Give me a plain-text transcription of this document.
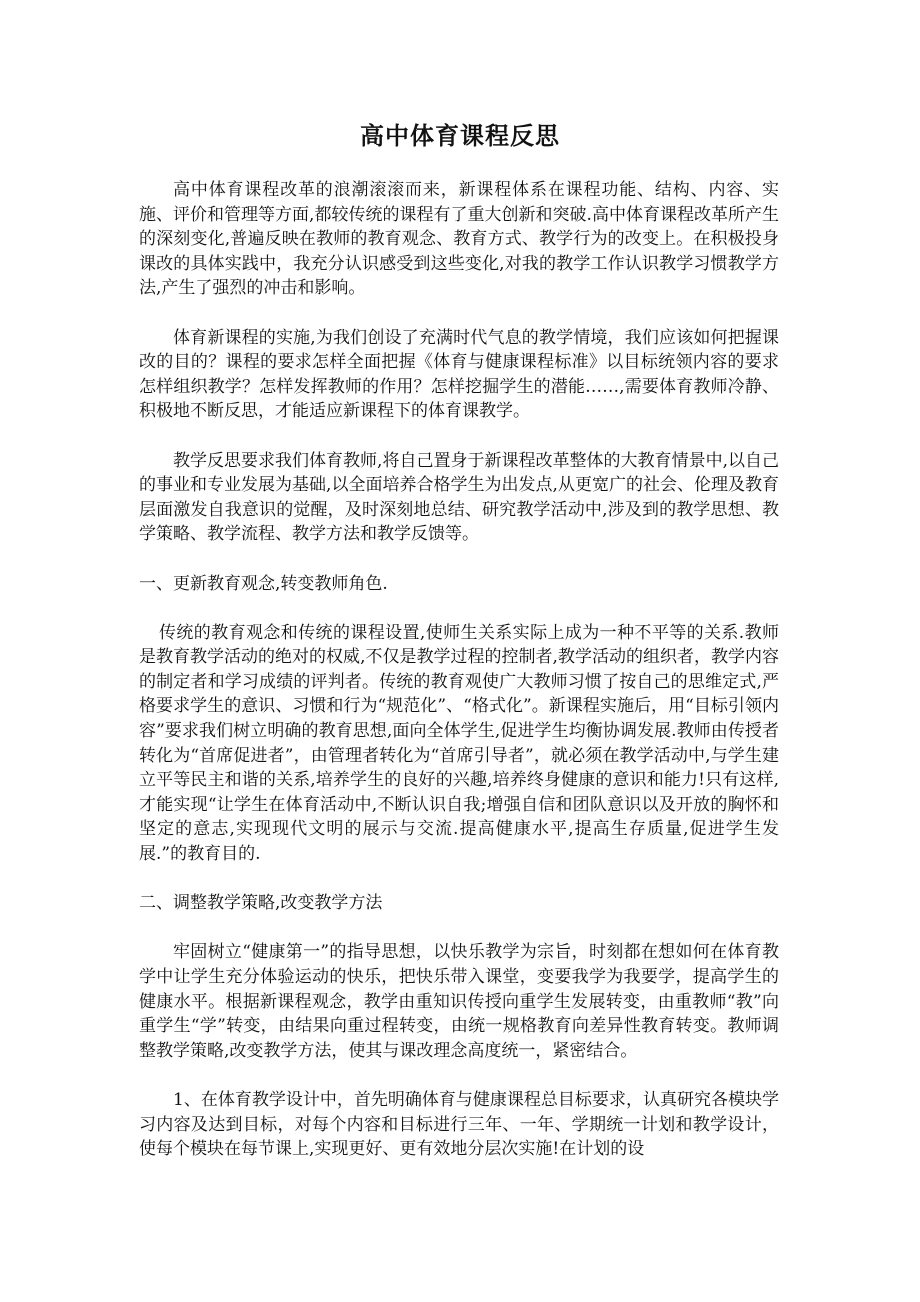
高中体育课程反思

高中体育课程改革的浪潮滚滚而来，新课程体系在课程功能、结构、内容、实施、评价和管理等方面,都较传统的课程有了重大创新和突破.高中体育课程改革所产生的深刻变化,普遍反映在教师的教育观念、教育方式、教学行为的改变上。在积极投身课改的具体实践中，我充分认识感受到这些变化,对我的教学工作认识教学习惯教学方法,产生了强烈的冲击和影响。

体育新课程的实施,为我们创设了充满时代气息的教学情境，我们应该如何把握课改的目的？课程的要求怎样全面把握《体育与健康课程标准》以目标统领内容的要求怎样组织教学？怎样发挥教师的作用？怎样挖掘学生的潜能……,需要体育教师冷静、积极地不断反思，才能适应新课程下的体育课教学。

教学反思要求我们体育教师,将自己置身于新课程改革整体的大教育情景中,以自己的事业和专业发展为基础,以全面培养合格学生为出发点,从更宽广的社会、伦理及教育层面激发自我意识的觉醒，及时深刻地总结、研究教学活动中,涉及到的教学思想、教学策略、教学流程、教学方法和教学反馈等。

一、更新教育观念,转变教师角色.

传统的教育观念和传统的课程设置,使师生关系实际上成为一种不平等的关系.教师是教育教学活动的绝对的权威,不仅是教学过程的控制者,教学活动的组织者，教学内容的制定者和学习成绩的评判者。传统的教育观使广大教师习惯了按自己的思维定式,严格要求学生的意识、习惯和行为“规范化”、“格式化”。新课程实施后，用“目标引领内容”要求我们树立明确的教育思想,面向全体学生,促进学生均衡协调发展.教师由传授者转化为“首席促进者”，由管理者转化为“首席引导者”，就必须在教学活动中,与学生建立平等民主和谐的关系,培养学生的良好的兴趣,培养终身健康的意识和能力!只有这样,才能实现“让学生在体育活动中,不断认识自我;增强自信和团队意识以及开放的胸怀和坚定的意志,实现现代文明的展示与交流.提高健康水平,提高生存质量,促进学生发展.”的教育目的.

二、调整教学策略,改变教学方法

牢固树立“健康第一”的指导思想，以快乐教学为宗旨，时刻都在想如何在体育教学中让学生充分体验运动的快乐，把快乐带入课堂，变要我学为我要学，提高学生的健康水平。根据新课程观念，教学由重知识传授向重学生发展转变，由重教师“教”向重学生“学”转变，由结果向重过程转变，由统一规格教育向差异性教育转变。教师调整教学策略,改变教学方法，使其与课改理念高度统一，紧密结合。

1、在体育教学设计中，首先明确体育与健康课程总目标要求，认真研究各模块学习内容及达到目标，对每个内容和目标进行三年、一年、学期统一计划和教学设计，使每个模块在每节课上,实现更好、更有效地分层次实施!在计划的设
